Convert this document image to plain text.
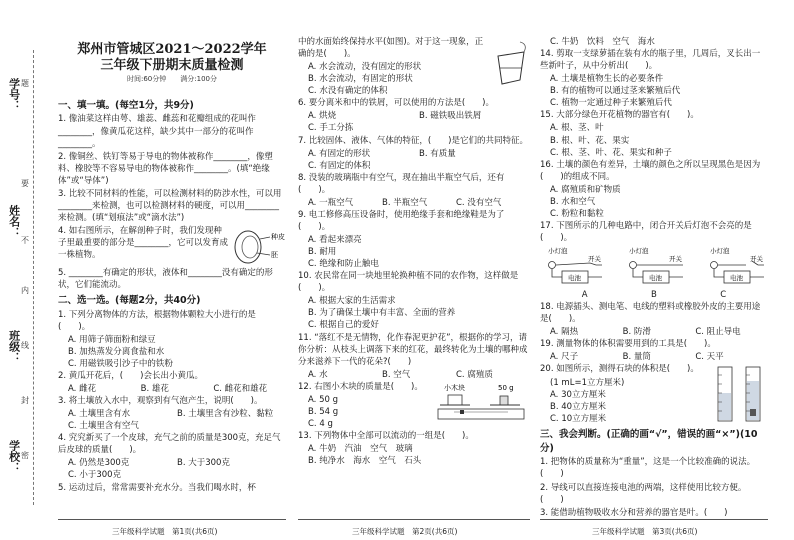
学号：
姓名：
班级：
学校：
题
要
不
内
线
封
密
郑州市管城区2021～2022学年
三年级下册期末质量检测
时间:60分钟　　满分:100分
一、填一填。(每空1分，共9分)
1. 像油菜这样由萼、雄蕊、雌蕊和花瓣组成的花叫作________，像黄瓜花这样，缺少其中一部分的花叫作________。
2. 像铜丝、铁钉等易于导电的物体被称作________，像塑料、橡胶等不容易导电的物体被称作________。(填“绝缘体”或“导体”)
3. 比较不同材料的性能，可以检测材料的防涉水性，可以用________来检测，也可以检测材料的硬度，可以用________来检测。(填“划痕法”或“滴水法”)
4. 如右图所示，在解剖种子时，我们发现种子里最重要的部分是________，它可以发育成一株植物。
种皮
胚
5. ________有确定的形状，液体和________没有确定的形状，它们能流动。
二、选一选。(每题2分，共40分)
1. 下列分离物体的方法，根据物体颗粒大小进行的是(　　)。
A. 用筛子筛面粉和绿豆
B. 加热蒸发分离食盐和水
C. 用磁铁吸引沙子中的铁粉
2. 黄瓜开花后，(　　)会长出小黄瓜。
A. 雌花	B. 雄花	C. 雌花和雄花
3. 将土壤放入水中，观察到有气泡产生，说明(　　)。
A. 土壤里含有水	B. 土壤里含有沙粒、黏粒
C. 土壤里含有空气
4. 究究新买了一个皮球，充气之前的质量是300克，充足气后皮球的质量(　　)。
A. 仍然是300克	B. 大于300克
C. 小于300克
5. 运动过后，常常需要补充水分。当我们喝水时，杯
中的水面始终保持水平(如图)。对于这一现象，正确的是(　　)。
A. 水会流动，没有固定的形状
B. 水会流动，有固定的形状
C. 水没有确定的体积
6. 要分离米和中的铁屑，可以使用的方法是(　　)。
A. 烘烧	B. 磁铁吸出铁屑
C. 手工分拣
7. 比较固体、液体、气体的特征，(　　)是它们的共同特征。
A. 有固定的形状	B. 有质量
C. 有固定的体积
8. 没装的玻璃瓶中有空气，现在抽出半瓶空气后，还有(　　)。
A. 一瓶空气	B. 半瓶空气	C. 没有空气
9. 电工修修高压设备时，使用绝缘手套和绝缘鞋是为了(　　)。
A. 看起来漂亮
B. 耐用
C. 绝缘和防止触电
10. 农民常在同一块地里轮换种植不同的农作物，这样做是(　　)。
A. 根据大家的生活需求
B. 为了确保土壤中有丰富、全面的营养
C. 根据自己的爱好
11. “落红不是无情物，化作春泥更护花”，根据你的学习，请你分析：从枝头上调落下来的红花，最终转化为土壤的哪种成分来滋养下一代的花朵?(　　)
A. 水	B. 空气	C. 腐殖质
12. 右图小木块的质量是(　　)。
A. 50 g
B. 54 g
C. 4 g
小木块	50 g
13. 下列物体中全部可以流动的一组是(　　)。
A. 牛奶　汽油　空气　玻璃
B. 纯净水　海水　空气　石头
C. 牛奶　饮料　空气　海水
14. 剪取一支绿萝插在装有水的瓶子里，几周后，叉长出一些新叶子，从中分析出(　　)。
A. 土壤是植物生长的必要条件
B. 有的植物可以通过茎来繁殖后代
C. 植物一定通过种子来繁殖后代
15. 大部分绿色开花植物的器官有(　　)。
A. 根、茎、叶
B. 根、叶、花、果实
C. 根、茎、叶、花、果实和种子
16. 土壤的颜色有差异，土壤的颜色之所以呈现黑色是因为(　　)的组成不同。
A. 腐殖质和矿物质
B. 水和空气
C. 粉粒和黏粒
17. 下图所示的几种电路中，闭合开关后灯泡不会亮的是(　　)。
小灯泡
开关
电池
小灯泡
开关
电池
小灯泡
开关
电池
A	B	C
18. 电源插头、测电笔、电线的塑料或橡胶外皮的主要用途是(　　)。
A. 隔热	B. 防滑	C. 阻止导电
19. 测量物体的体积需要用到的工具是(　　)。
A. 尺子	B. 量筒	C. 天平
20. 如图所示，测得石块的体积是(　　)。
(1 mL=1立方厘米)
A. 30立方厘米
B. 40立方厘米
C. 10立方厘米
三、我会判断。(正确的画“√”，错误的画“×”)(10分)
1. 把物体的质量称为“重量”，这是一个比较准确的说法。(　　)
2. 导线可以直接连接电池的两端，这样使用比较方便。(　　)
3. 能借助植物吸收水分和营养的器官是叶。(　　)
三年级科学试题　第1页(共6页)	三年级科学试题　第2页(共6页)	三年级科学试题　第3页(共6页)
